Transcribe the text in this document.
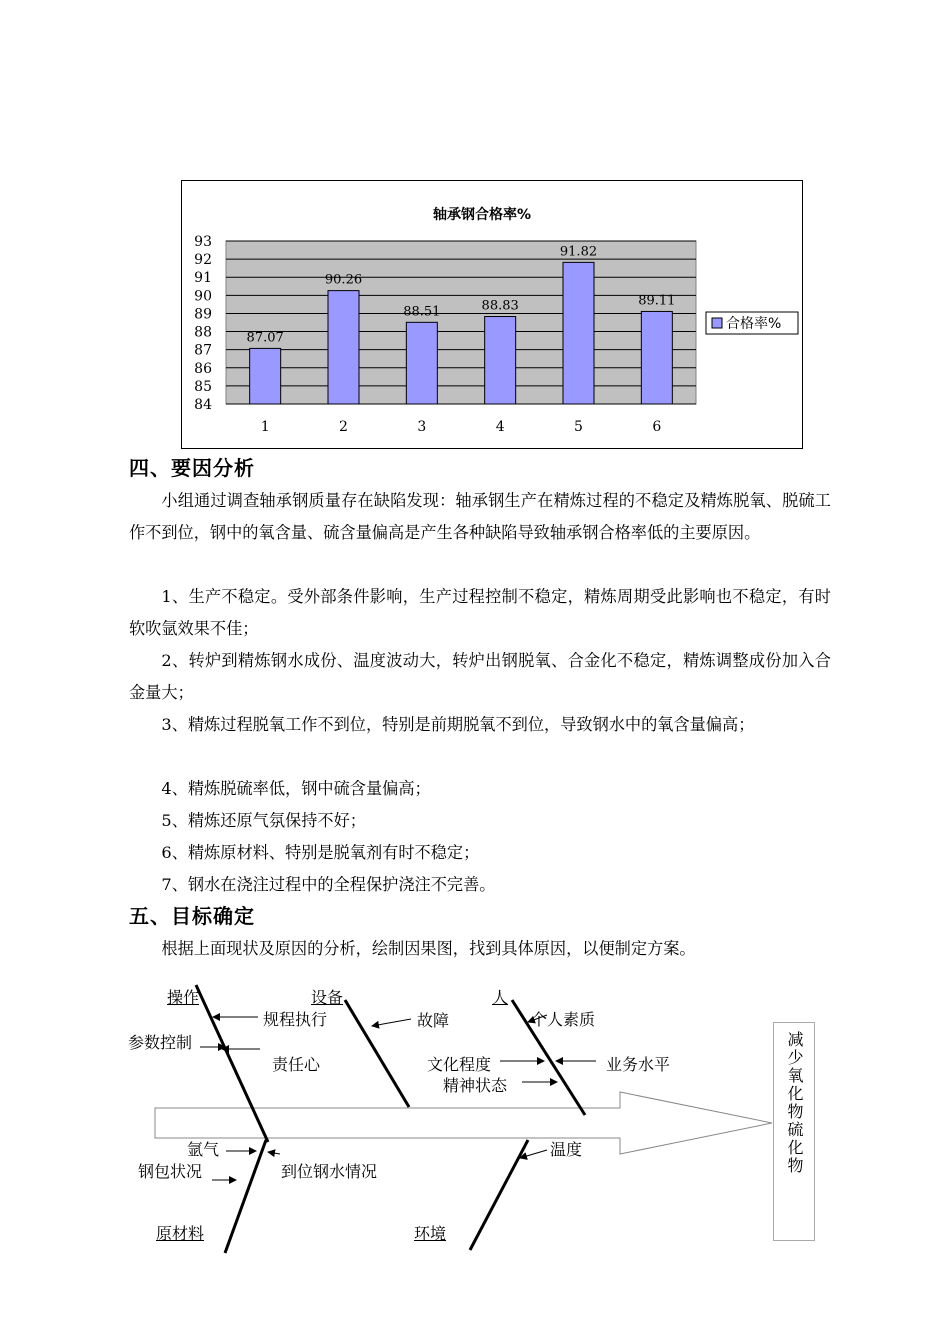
84
85
86
87
88
89
90
91
92
93
87.07
1
90.26
2
88.51
3
88.83
4
91.82
5
89.11
6
轴承钢合格率%
合格率%
四、要因分析

小组通过调查轴承钢质量存在缺陷发现：轴承钢生产在精炼过程的不稳定及精炼脱氧、脱硫工作不到位，钢中的氧含量、硫含量偏高是产生各种缺陷导致轴承钢合格率低的主要原因。

1、生产不稳定。受外部条件影响，生产过程控制不稳定，精炼周期受此影响也不稳定，有时软吹氩效果不佳；

2、转炉到精炼钢水成份、温度波动大，转炉出钢脱氧、合金化不稳定，精炼调整成份加入合金量大；

3、精炼过程脱氧工作不到位，特别是前期脱氧不到位，导致钢水中的氧含量偏高；

4、精炼脱硫率低，钢中硫含量偏高；

5、精炼还原气氛保持不好；

6、精炼原材料、特别是脱氧剂有时不稳定；

7、钢水在浇注过程中的全程保护浇注不完善。

五、目标确定

根据上面现状及原因的分析，绘制因果图，找到具体原因，以便制定方案。

操作	设备	人
原材料	环境
规程执行
参数控制
责任心
故障	个人素质
文化程度	业务水平
精神状态
氩气
钢包状况	到位钢水情况
温度	减少氧化物硫化物
